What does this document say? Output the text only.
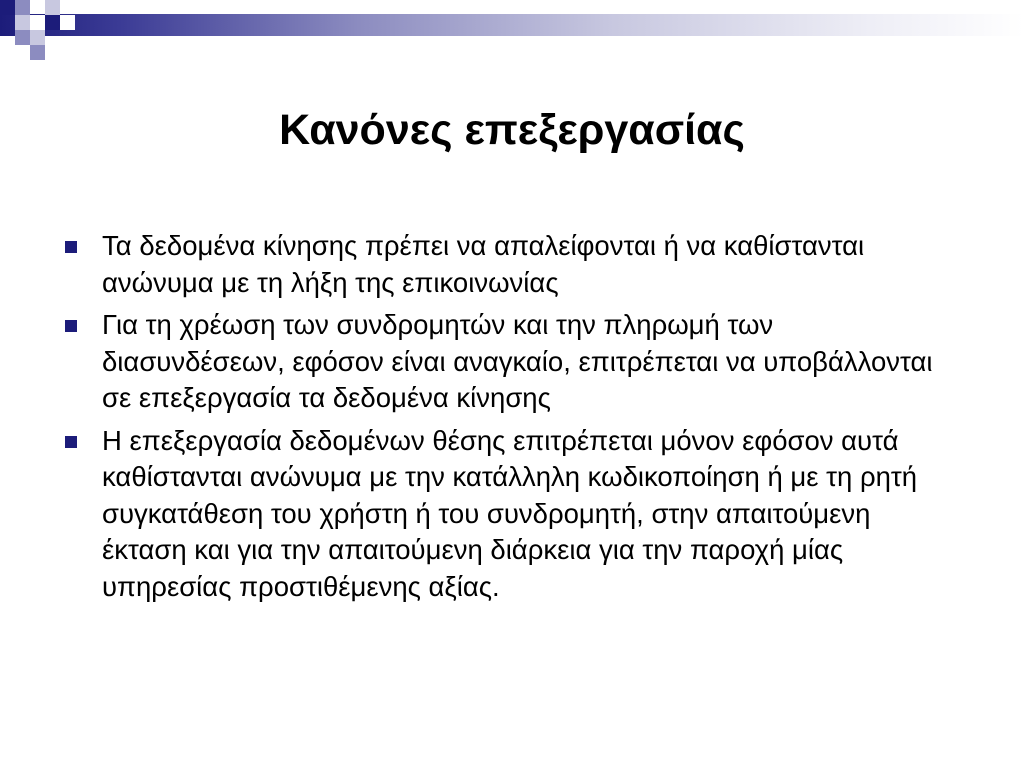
Κανόνες επεξεργασίας
Τα δεδομένα κίνησης πρέπει να απαλείφονται ή να καθίστανται ανώνυμα με τη λήξη της επικοινωνίας
Για τη χρέωση των συνδρομητών και την πληρωμή των διασυνδέσεων, εφόσον είναι αναγκαίο, επιτρέπεται να υποβάλλονται σε επεξεργασία τα δεδομένα κίνησης
Η επεξεργασία δεδομένων θέσης επιτρέπεται μόνον εφόσον αυτά καθίστανται ανώνυμα με την κατάλληλη κωδικοποίηση ή με τη ρητή συγκατάθεση του χρήστη ή του συνδρομητή, στην απαιτούμενη έκταση και για την απαιτούμενη διάρκεια για την παροχή μίας υπηρεσίας προστιθέμενης αξίας.
